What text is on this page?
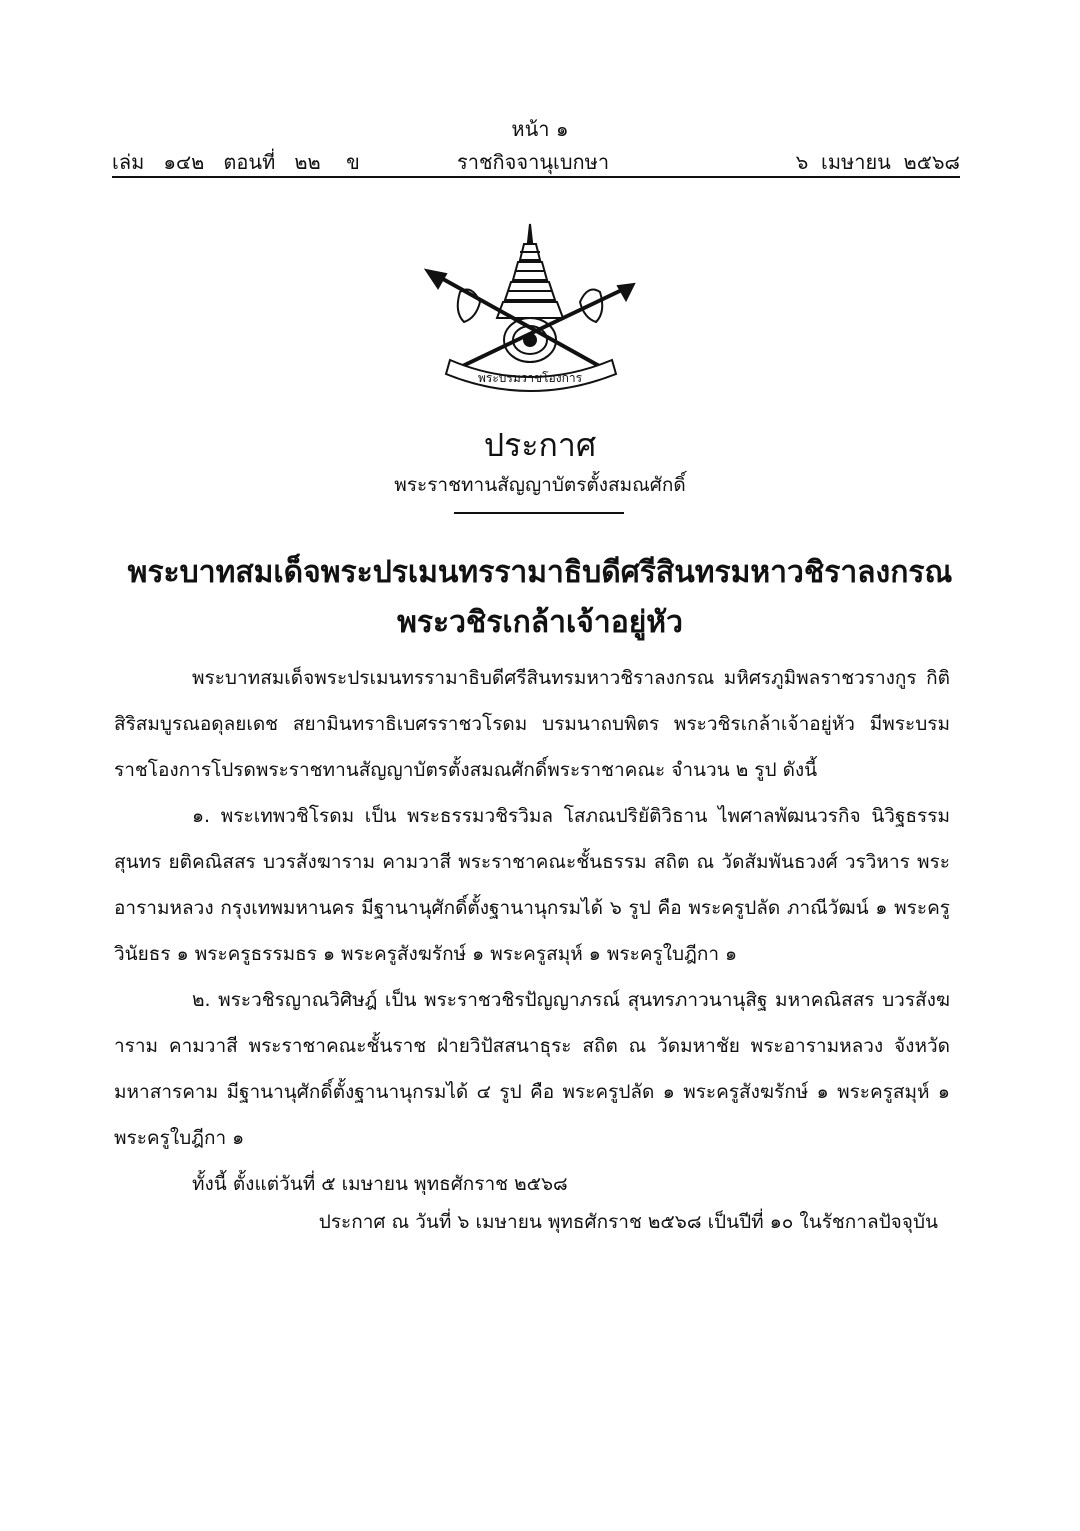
หน้า ๑
เล่ม   ๑๔๒   ตอนที่   ๒๒    ข	ราชกิจจานุเบกษา	๖  เมษายน  ๒๕๖๘
พระบรมราชโองการ
ประกาศ
พระราชทานสัญญาบัตรตั้งสมณศักดิ์
พระบาทสมเด็จพระปรเมนทรรามาธิบดีศรีสินทรมหาวชิราลงกรณ
พระวชิรเกล้าเจ้าอยู่หัว

พระบาทสมเด็จพระปรเมนทรรามาธิบดีศรีสินทรมหาวชิราลงกรณ มหิศรภูมิพลราชวรางกูร กิติสิริสมบูรณอดุลยเดช สยามินทราธิเบศรราชวโรดม บรมนาถบพิตร พระวชิรเกล้าเจ้าอยู่หัว มีพระบรมราชโองการโปรดพระราชทานสัญญาบัตรตั้งสมณศักดิ์พระราชาคณะ จำนวน ๒ รูป ดังนี้

๑. พระเทพวชิโรดม เป็น พระธรรมวชิรวิมล โสภณปริยัติวิธาน ไพศาลพัฒนวรกิจ นิวิฐธรรมสุนทร ยติคณิสสร บวรสังฆาราม คามวาสี พระราชาคณะชั้นธรรม สถิต ณ วัดสัมพันธวงศ์ วรวิหาร พระอารามหลวง กรุงเทพมหานคร มีฐานานุศักดิ์ตั้งฐานานุกรมได้ ๖ รูป คือ พระครูปลัด ภาณีวัฒน์ ๑ พระครูวินัยธร ๑ พระครูธรรมธร ๑ พระครูสังฆรักษ์ ๑ พระครูสมุห์ ๑ พระครูใบฎีกา ๑

๒. พระวชิรญาณวิศิษฎ์ เป็น พระราชวชิรปัญญาภรณ์ สุนทรภาวนานุสิฐ มหาคณิสสร บวรสังฆาราม คามวาสี พระราชาคณะชั้นราช ฝ่ายวิปัสสนาธุระ สถิต ณ วัดมหาชัย พระอารามหลวง จังหวัดมหาสารคาม มีฐานานุศักดิ์ตั้งฐานานุกรมได้ ๔ รูป คือ พระครูปลัด ๑ พระครูสังฆรักษ์ ๑ พระครูสมุห์ ๑ พระครูใบฎีกา ๑

ทั้งนี้ ตั้งแต่วันที่ ๕ เมษายน พุทธศักราช ๒๕๖๘

ประกาศ ณ วันที่ ๖ เมษายน พุทธศักราช ๒๕๖๘ เป็นปีที่ ๑๐ ในรัชกาลปัจจุบัน
